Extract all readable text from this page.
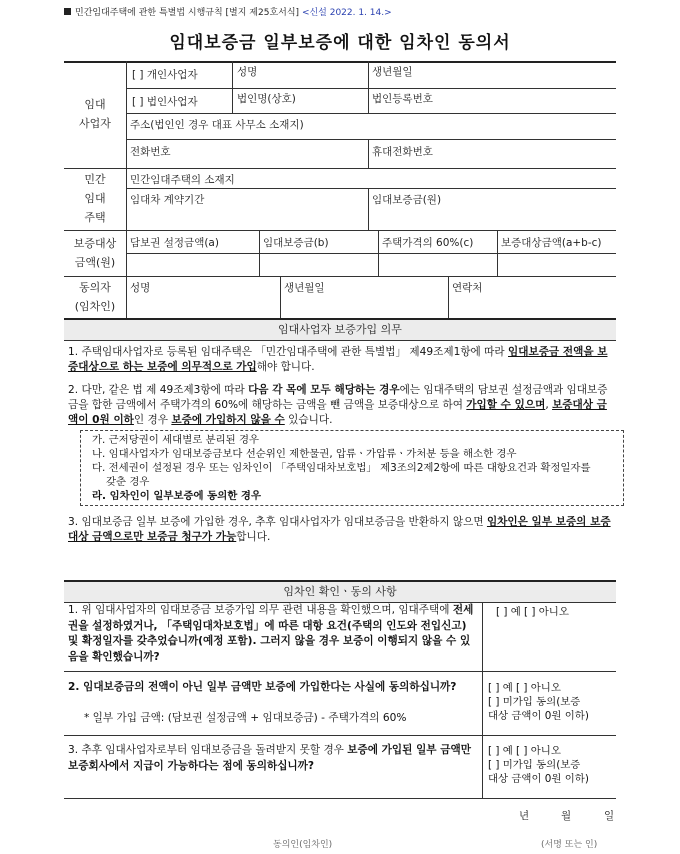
민간임대주택에 관한 특별법 시행규칙 [별지 제25호서식] <신설 2022. 1. 14.>
임대보증금 일부보증에 대한 임차인 동의서
임대
사업자
[ ] 개인사업자	성명	생년월일
[ ] 법인사업자	법인명(상호)	법인등록번호
주소(법인인 경우 대표 사무소 소재지)
전화번호	휴대전화번호
민간
임대
주택
민간임대주택의 소재지
임대차 계약기간	임대보증금(원)
보증대상
금액(원)
담보권 설정금액(a)	임대보증금(b)	주택가격의 60%(c)	보증대상금액(a+b-c)
동의자
(임차인)
성명	생년월일	연락처
임대사업자 보증가입 의무
1. 주택임대사업자로 등록된 임대주택은 「민간임대주택에 관한 특별법」 제49조제1항에 따라 임대보증금 전액을 보증대상으로 하는 보증에 의무적으로 가입해야 합니다.
2. 다만, 같은 법 제 49조제3항에 따라 다음 각 목에 모두 해당하는 경우에는 임대주택의 담보권 설정금액과 임대보증금을 합한 금액에서 주택가격의 60%에 해당하는 금액을 뺀 금액을 보증대상으로 하여 가입할 수 있으며, 보증대상 금액이 0원 이하인 경우 보증에 가입하지 않을 수 있습니다.
가. 근저당권이 세대별로 분리된 경우
나. 임대사업자가 임대보증금보다 선순위인 제한물권, 압류ㆍ가압류ㆍ가처분 등을 해소한 경우
다. 전세권이 설정된 경우 또는 임차인이 「주택임대차보호법」 제3조의2제2항에 따른 대항요건과 확정일자를 갖춘 경우
라. 임차인이 일부보증에 동의한 경우
3. 임대보증금 일부 보증에 가입한 경우, 추후 임대사업자가 임대보증금을 반환하지 않으면 임차인은 일부 보증의 보증대상 금액으로만 보증금 청구가 가능합니다.
임차인 확인ㆍ동의 사항
1. 위 임대사업자의 임대보증금 보증가입 의무 관련 내용을 확인했으며, 임대주택에 전세권을 설정하였거나, 「주택임대차보호법」에 따른 대항 요건(주택의 인도와 전입신고) 및 확정일자를 갖추었습니까(예정 포함). 그러지 않을 경우 보증이 이행되지 않을 수 있음을 확인했습니까?
[ ] 예 [ ] 아니오
2. 임대보증금의 전액이 아닌 일부 금액만 보증에 가입한다는 사실에 동의하십니까?
* 일부 가입 금액: (담보권 설정금액 + 임대보증금) - 주택가격의 60%
[ ] 예 [ ] 아니오
[ ] 미가입 동의(보증
대상 금액이 0원 이하)
3. 추후 임대사업자로부터 임대보증금을 돌려받지 못할 경우 보증에 가입된 일부 금액만 보증회사에서 지급이 가능하다는 점에 동의하십니까?
[ ] 예 [ ] 아니오
[ ] 미가입 동의(보증
대상 금액이 0원 이하)
년	월	일
동의인(임차인)	(서명 또는 인)
